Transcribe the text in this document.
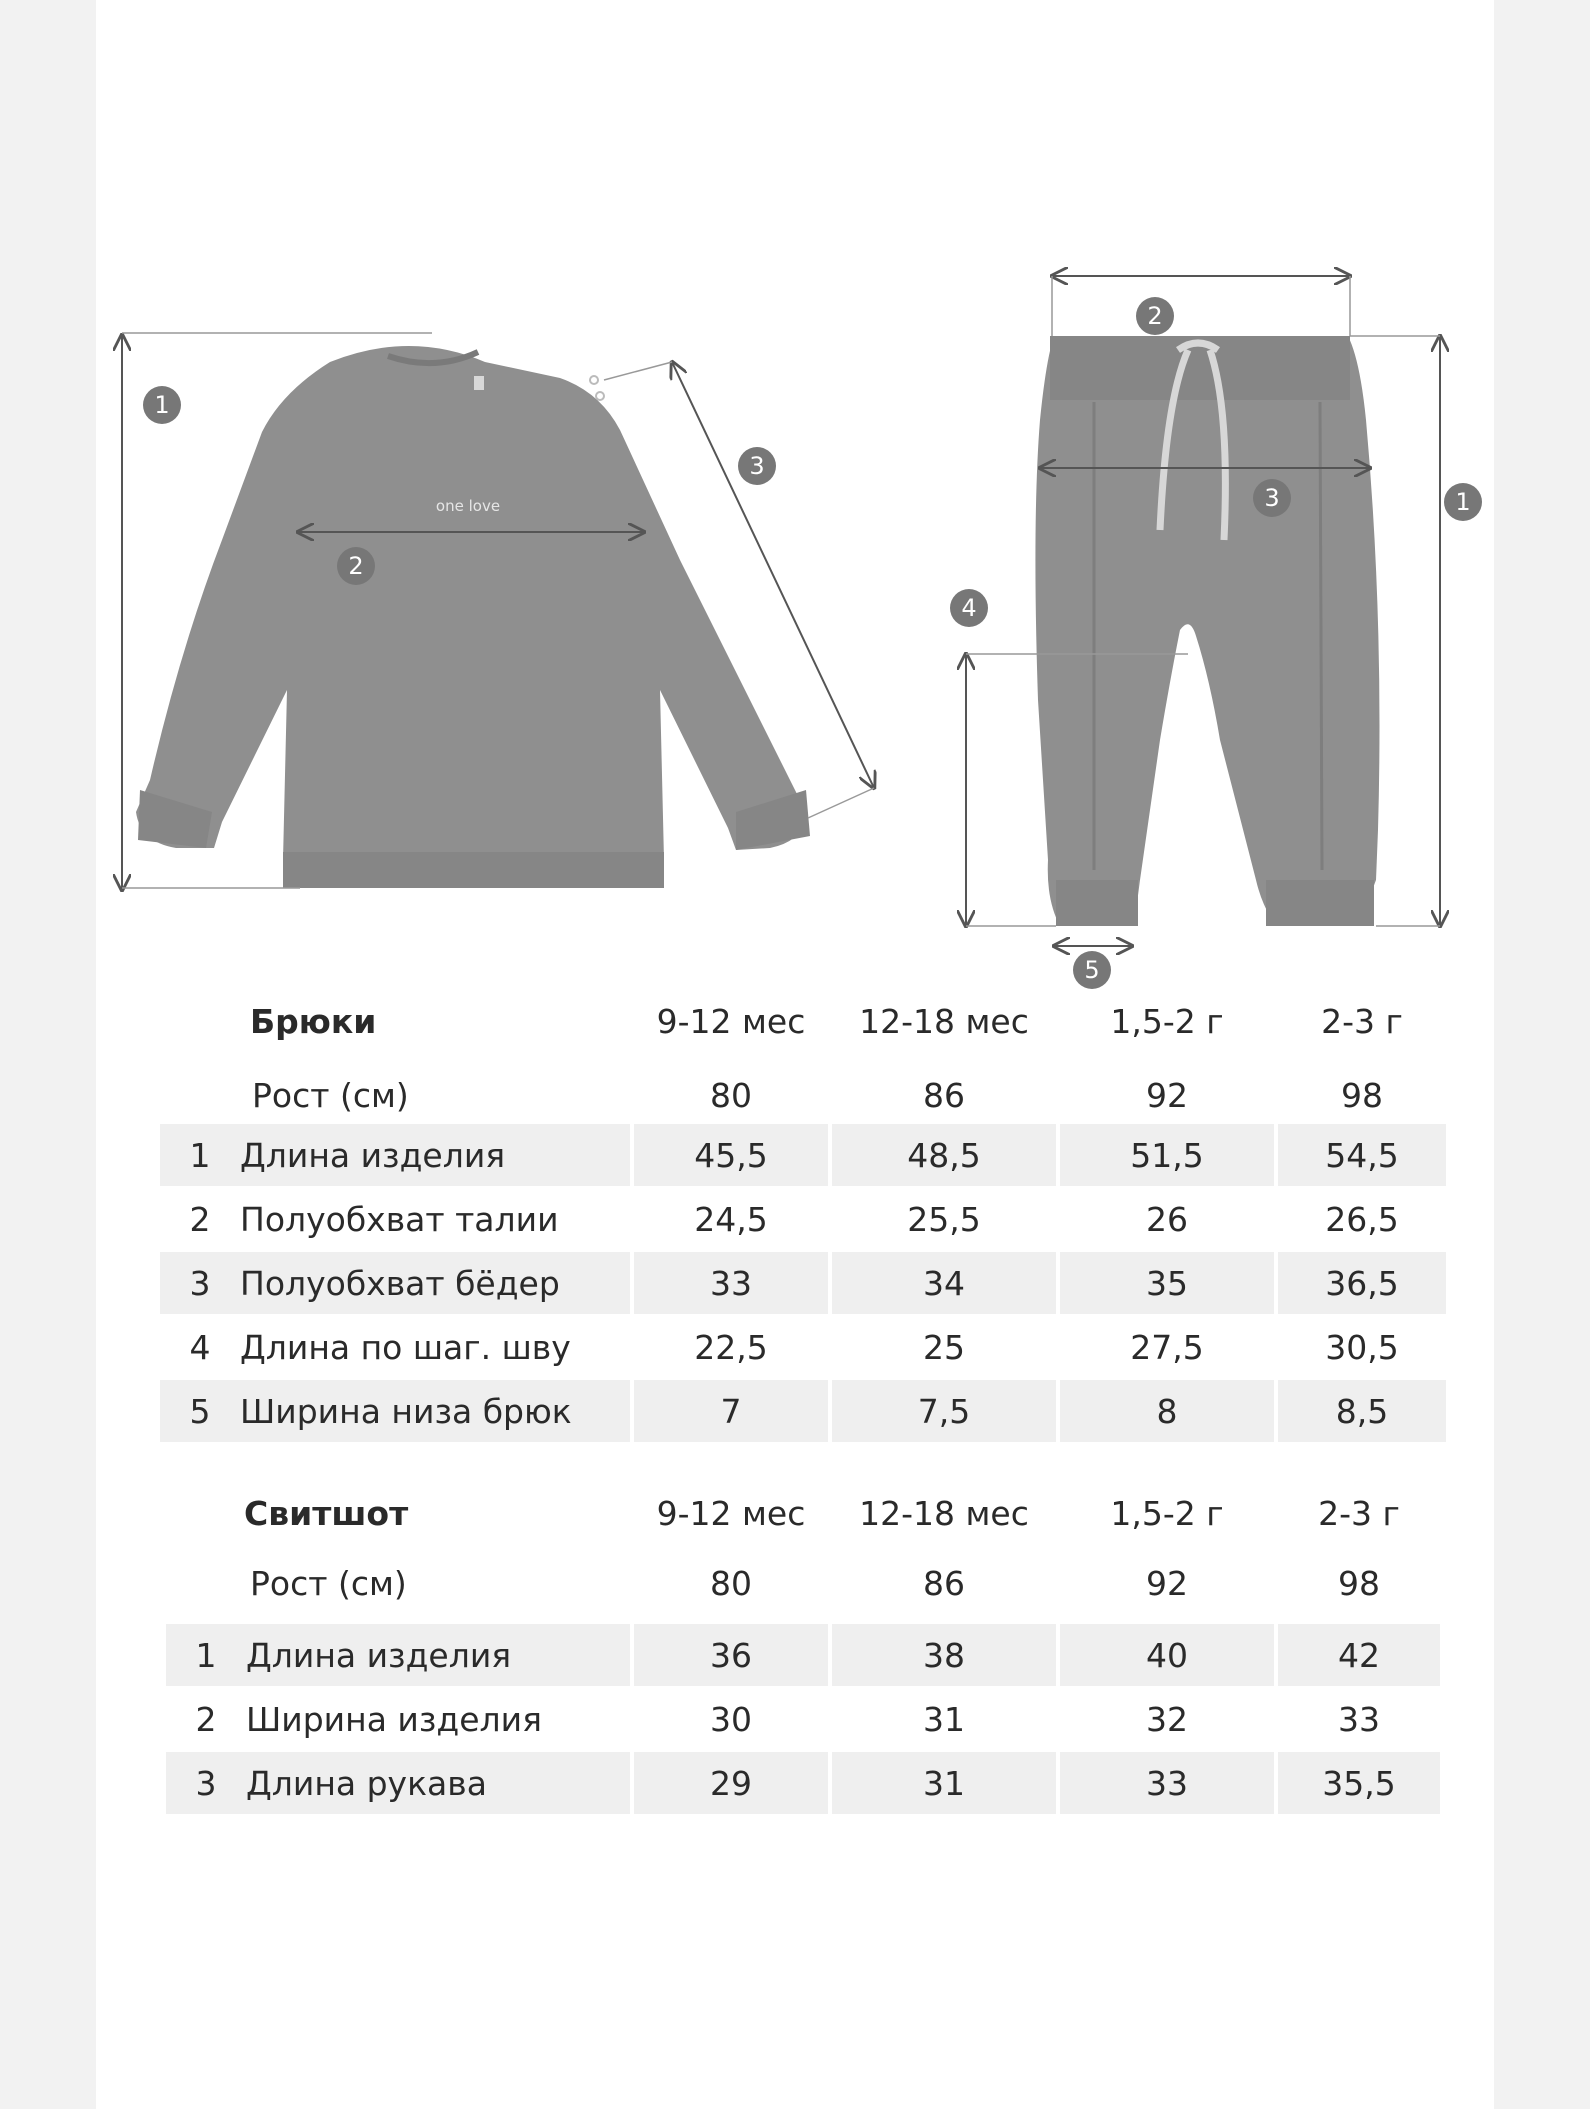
one love
1
2
3
2
3	1
4
5
Брюки	9-12 мес	12-18 мес	1,5-2 г	2-3 г
Рост (см)	80	86	92	98
1 Длина изделия	45,5	48,5	51,5	54,5
2 Полуобхват талии	24,5	25,5	26	26,5
3 Полуобхват бёдер	33	34	35	36,5
4 Длина по шаг. шву	22,5	25	27,5	30,5
5 Ширина низа брюк	7	7,5	8	8,5
Свитшот	9-12 мес	12-18 мес	1,5-2 г	2-3 г
Рост (см)	80	86	92	98
1 Длина изделия	36	38	40	42
2 Ширина изделия	30	31	32	33
3 Длина рукава	29	31	33	35,5
